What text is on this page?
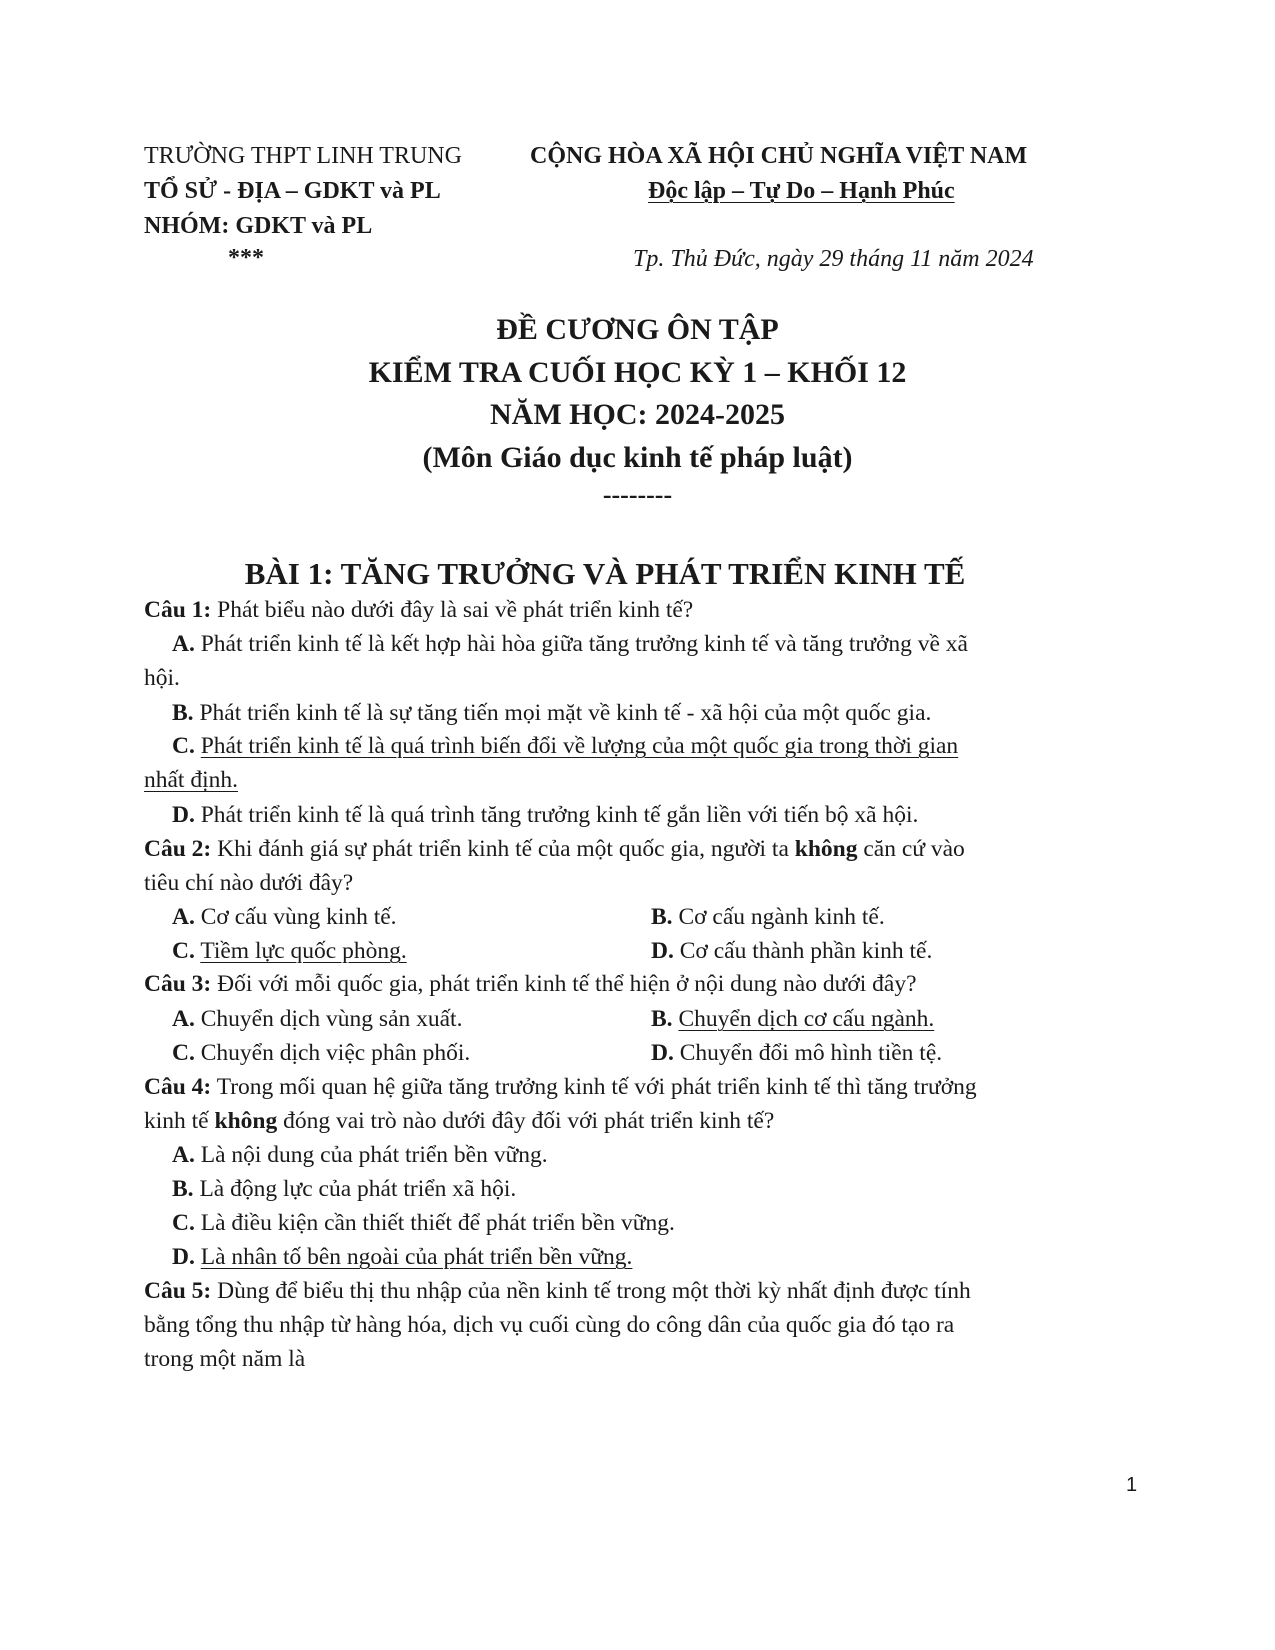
TRƯỜNG THPT LINH TRUNG
TỔ SỬ - ĐỊA – GDKT và PL
NHÓM: GDKT và PL
***
CỘNG HÒA XÃ HỘI CHỦ NGHĨA VIỆT NAM
Độc lập – Tự Do – Hạnh Phúc
Tp. Thủ Đức, ngày 29 tháng 11 năm 2024
ĐỀ CƯƠNG ÔN TẬP
KIỂM TRA CUỐI HỌC KỲ 1 – KHỐI 12
NĂM HỌC: 2024-2025
(Môn Giáo dục kinh tế pháp luật)
--------
BÀI 1: TĂNG TRƯỞNG VÀ PHÁT TRIỂN KINH TẾ
Câu 1: Phát biểu nào dưới đây là sai về phát triển kinh tế?
A. Phát triển kinh tế là kết hợp hài hòa giữa tăng trưởng kinh tế và tăng trưởng về xã
hội.
B. Phát triển kinh tế là sự tăng tiến mọi mặt về kinh tế - xã hội của một quốc gia.
C. Phát triển kinh tế là quá trình biến đổi về lượng của một quốc gia trong thời gian
nhất định.
D. Phát triển kinh tế là quá trình tăng trưởng kinh tế gắn liền với tiến bộ xã hội.
Câu 2: Khi đánh giá sự phát triển kinh tế của một quốc gia, người ta không căn cứ vào
tiêu chí nào dưới đây?
A. Cơ cấu vùng kinh tế.	B. Cơ cấu ngành kinh tế.
C. Tiềm lực quốc phòng.	D. Cơ cấu thành phần kinh tế.
Câu 3: Đối với mỗi quốc gia, phát triển kinh tế thể hiện ở nội dung nào dưới đây?
A. Chuyển dịch vùng sản xuất.	B. Chuyển dịch cơ cấu ngành.
C. Chuyển dịch việc phân phối.	D. Chuyển đổi mô hình tiền tệ.
Câu 4: Trong mối quan hệ giữa tăng trưởng kinh tế với phát triển kinh tế thì tăng trưởng
kinh tế không đóng vai trò nào dưới đây đối với phát triển kinh tế?
A. Là nội dung của phát triển bền vững.
B. Là động lực của phát triển xã hội.
C. Là điều kiện cần thiết thiết để phát triển bền vững.
D. Là nhân tố bên ngoài của phát triển bền vững.
Câu 5: Dùng để biểu thị thu nhập của nền kinh tế trong một thời kỳ nhất định được tính
bằng tổng thu nhập từ hàng hóa, dịch vụ cuối cùng do công dân của quốc gia đó tạo ra
trong một năm là
1
